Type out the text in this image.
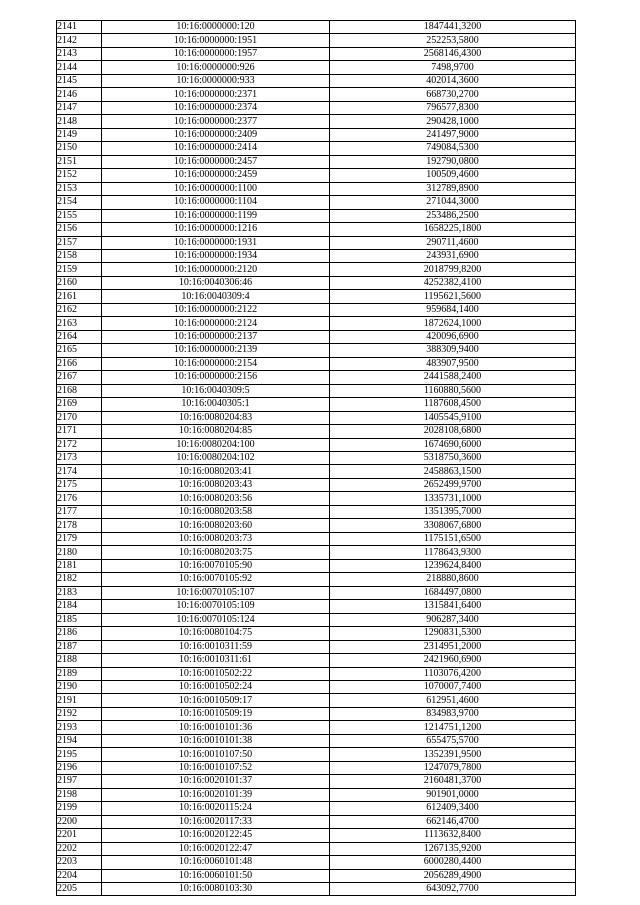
2141	10:16:0000000:120	1847441,3200
2142	10:16:0000000:1951	252253,5800
2143	10:16:0000000:1957	2568146,4300
2144	10:16:0000000:926	7498,9700
2145	10:16:0000000:933	402014,3600
2146	10:16:0000000:2371	668730,2700
2147	10:16:0000000:2374	796577,8300
2148	10:16:0000000:2377	290428,1000
2149	10:16:0000000:2409	241497,9000
2150	10:16:0000000:2414	749084,5300
2151	10:16:0000000:2457	192790,0800
2152	10:16:0000000:2459	100509,4600
2153	10:16:0000000:1100	312789,8900
2154	10:16:0000000:1104	271044,3000
2155	10:16:0000000:1199	253486,2500
2156	10:16:0000000:1216	1658225,1800
2157	10:16:0000000:1931	290711,4600
2158	10:16:0000000:1934	243931,6900
2159	10:16:0000000:2120	2018799,8200
2160	10:16:0040306:46	4252382,4100
2161	10:16:0040309:4	1195621,5600
2162	10:16:0000000:2122	959684,1400
2163	10:16:0000000:2124	1872624,1000
2164	10:16:0000000:2137	420096,6900
2165	10:16:0000000:2139	388309,9400
2166	10:16:0000000:2154	483907,9500
2167	10:16:0000000:2156	2441588,2400
2168	10:16:0040309:5	1160880,5600
2169	10:16:0040305:1	1187608,4500
2170	10:16:0080204:83	1405545,9100
2171	10:16:0080204:85	2028108,6800
2172	10:16:0080204:100	1674690,6000
2173	10:16:0080204:102	5318750,3600
2174	10:16:0080203:41	2458863,1500
2175	10:16:0080203:43	2652499,9700
2176	10:16:0080203:56	1335731,1000
2177	10:16:0080203:58	1351395,7000
2178	10:16:0080203:60	3308067,6800
2179	10:16:0080203:73	1175151,6500
2180	10:16:0080203:75	1178643,9300
2181	10:16:0070105:90	1239624,8400
2182	10:16:0070105:92	218880,8600
2183	10:16:0070105:107	1684497,0800
2184	10:16:0070105:109	1315841,6400
2185	10:16:0070105:124	906287,3400
2186	10:16:0080104:75	1290831,5300
2187	10:16:0010311:59	2314951,2000
2188	10:16:0010311:61	2421960,6900
2189	10:16:0010502:22	1103076,4200
2190	10:16:0010502:24	1070007,7400
2191	10:16:0010509:17	612951,4600
2192	10:16:0010509:19	834983,9700
2193	10:16:0010101:36	1214751,1200
2194	10:16:0010101:38	655475,5700
2195	10:16:0010107:50	1352391,9500
2196	10:16:0010107:52	1247079,7800
2197	10:16:0020101:37	2160481,3700
2198	10:16:0020101:39	901901,0000
2199	10:16:0020115:24	612409,3400
2200	10:16:0020117:33	662146,4700
2201	10:16:0020122:45	1113632,8400
2202	10:16:0020122:47	1267135,9200
2203	10:16:0060101:48	6000280,4400
2204	10:16:0060101:50	2056289,4900
2205	10:16:0080103:30	643092,7700
